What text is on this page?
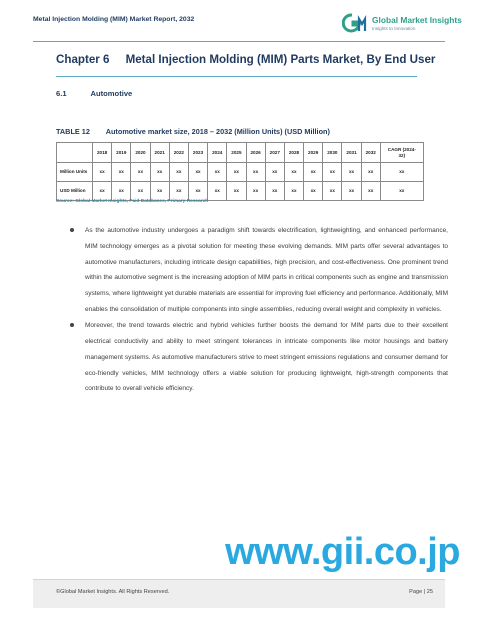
Metal Injection Molding (MIM) Market Report, 2032	Global Market Insights
Insights to Innovation
Chapter 6     Metal Injection Molding (MIM) Parts Market, By End User
6.1	Automotive
TABLE 12 Automotive market size, 2018 – 2032 (Million Units) (USD Million)
	2018	2019	2020	2021	2022	2023	2024	2025	2026	2027	2028	2029	2030	2031	2032	CAGR (2024-32)
Million Units	xx	xx	xx	xx	xx	xx	xx	xx	xx	xx	xx	xx	xx	xx	xx	xx
USD Million	xx	xx	xx	xx	xx	xx	xx	xx	xx	xx	xx	xx	xx	xx	xx	xx
Source: Global Market Insights, Paid Databases, Primary Research
As the automotive industry undergoes a paradigm shift towards electrification, lightweighting, and enhanced performance, MIM technology emerges as a pivotal solution for meeting these evolving demands. MIM parts offer several advantages to automotive manufacturers, including intricate design capabilities, high precision, and cost-effectiveness. One prominent trend within the automotive segment is the increasing adoption of MIM parts in critical components such as engine and transmission systems, where lightweight yet durable materials are essential for improving fuel efficiency and performance. Additionally, MIM enables the consolidation of multiple components into single assemblies, reducing overall weight and complexity in vehicles.
Moreover, the trend towards electric and hybrid vehicles further boosts the demand for MIM parts due to their excellent electrical conductivity and ability to meet stringent tolerances in intricate components like motor housings and battery management systems. As automotive manufacturers strive to meet stringent emissions regulations and consumer demand for eco-friendly vehicles, MIM technology offers a viable solution for producing lightweight, high-strength components that contribute to overall vehicle efficiency.
www.gii.co.jp
©Global Market Insights. All Rights Reserved.	Page | 25
